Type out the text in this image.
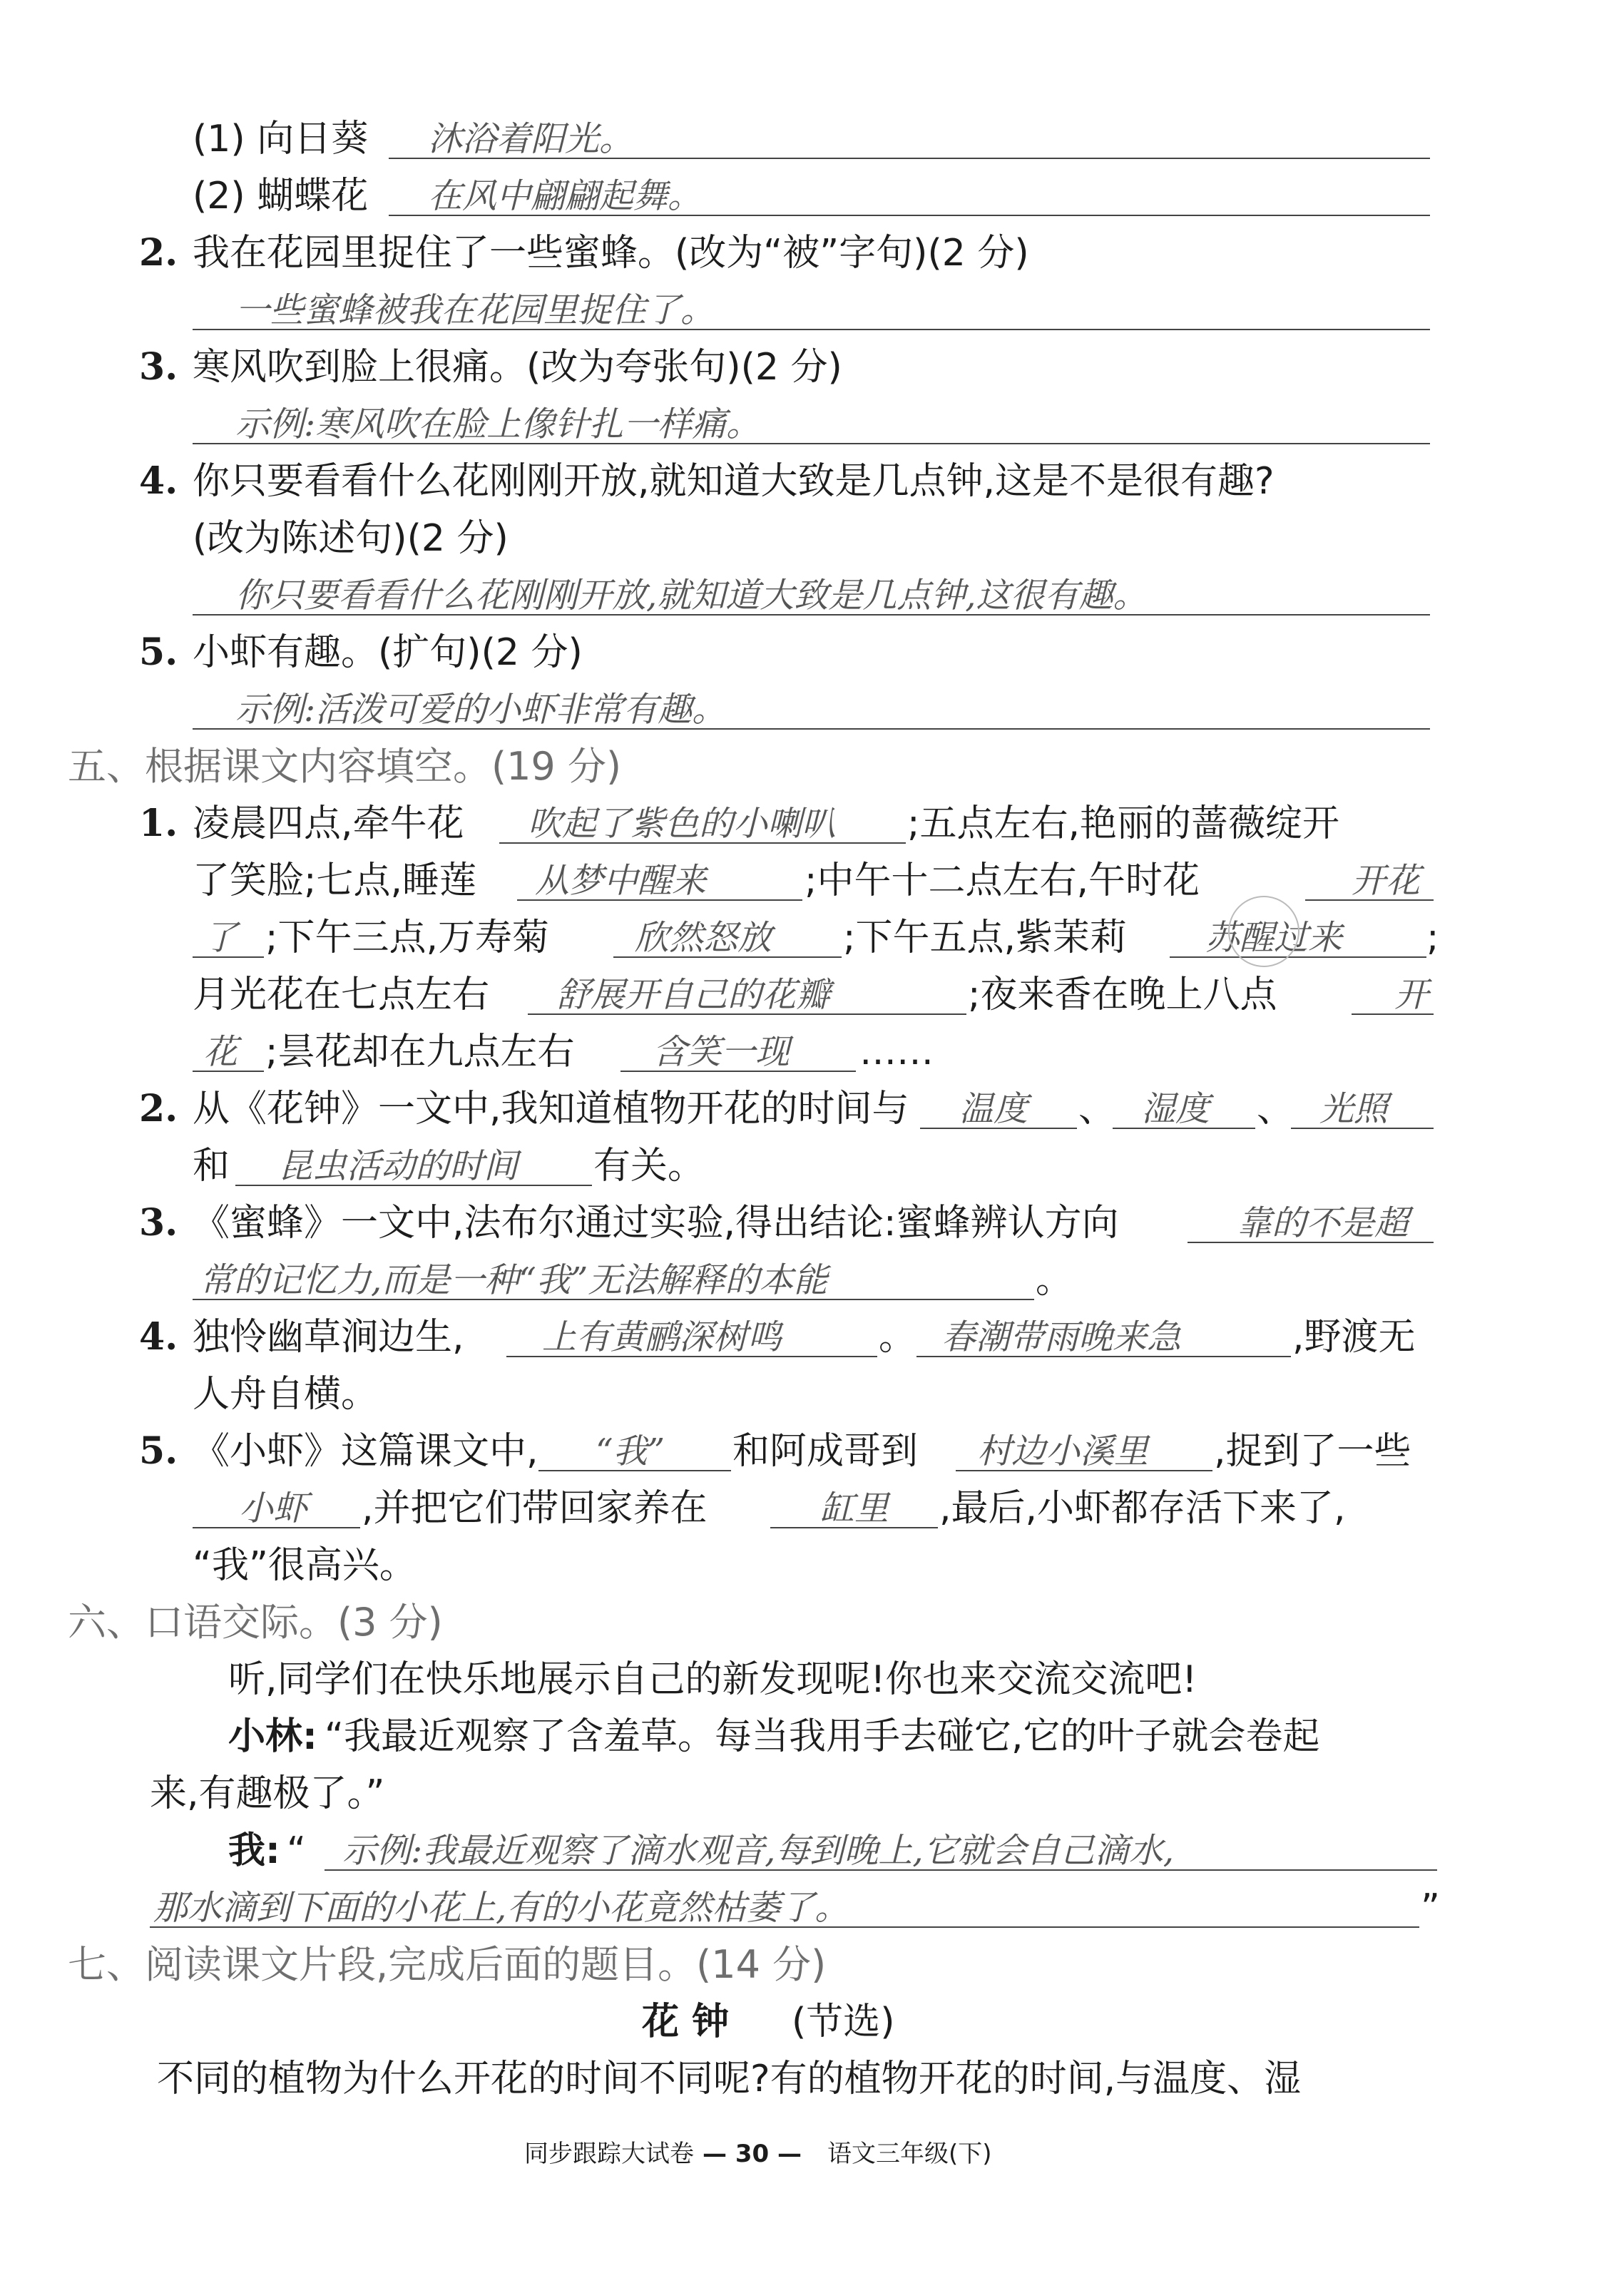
(1) 向日葵 沐浴着阳光。
(2) 蝴蝶花 在风中翩翩起舞。
2. 我在花园里捉住了一些蜜蜂。(改为“被”字句)(2 分)
一些蜜蜂被我在花园里捉住了。
3. 寒风吹到脸上很痛。(改为夸张句)(2 分)
示例:寒风吹在脸上像针扎一样痛。
4. 你只要看看什么花刚刚开放,就知道大致是几点钟,这是不是很有趣?
(改为陈述句)(2 分)
你只要看看什么花刚刚开放,就知道大致是几点钟,这很有趣。
5. 小虾有趣。(扩句)(2 分)
示例:活泼可爱的小虾非常有趣。
五、根据课文内容填空。(19 分)
1. 凌晨四点,牵牛花 吹起了紫色的小喇叭 ;五点左右,艳丽的蔷薇绽开
了笑脸;七点,睡莲 从梦中醒来	;中午十二点左右,午时花	开花
了 ;下午三点,万寿菊 欣然怒放 ;下午五点,紫茉莉 苏醒过来 ;
月光花在七点左右 舒展开自己的花瓣	;夜来香在晚上八点	开
花 ;昙花却在九点左右 含笑一现 ……
2. 从《花钟》一文中,我知道植物开花的时间与 温度 、 湿度 、 光照
和 昆虫活动的时间 有关。
3. 《蜜蜂》一文中,法布尔通过实验,得出结论:蜜蜂辨认方向	靠的不是超
常的记忆力,而是一种“我”无法解释的本能	。
4. 独怜幽草涧边生, 上有黄鹂深树鸣	。 春潮带雨晚来急	,野渡无
人舟自横。
5. 《小虾》这篇课文中, “我” 和阿成哥到 村边小溪里 ,捉到了一些
小虾 ,并把它们带回家养在	缸里 ,最后,小虾都存活下来了,
“我”很高兴。
六、口语交际。(3 分)
听,同学们在快乐地展示自己的新发现呢!你也来交流交流吧!
小林: “我最近观察了含羞草。每当我用手去碰它,它的叶子就会卷起
来,有趣极了。”
我: “ 示例:我最近观察了滴水观音,每到晚上,它就会自己滴水,
那水滴到下面的小花上,有的小花竟然枯萎了。	”
七、阅读课文片段,完成后面的题目。(14 分)
花 钟 (节选)
不同的植物为什么开花的时间不同呢?有的植物开花的时间,与温度、湿
同步跟踪大试卷 — 30 — 语文三年级(下)
